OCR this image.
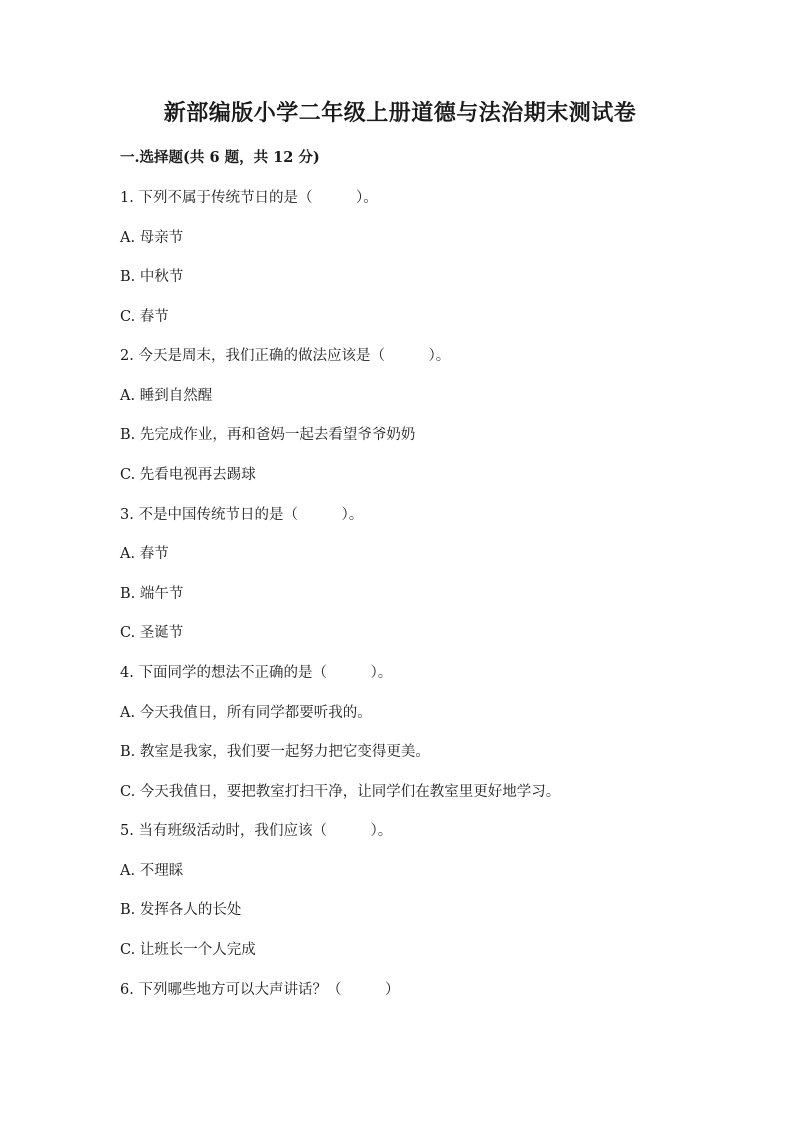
新部编版小学二年级上册道德与法治期末测试卷
一.选择题(共 6 题，共 12 分)
1. 下列不属于传统节日的是（　　　）。
A. 母亲节
B. 中秋节
C. 春节
2. 今天是周末，我们正确的做法应该是（　　　）。
A. 睡到自然醒
B. 先完成作业，再和爸妈一起去看望爷爷奶奶
C. 先看电视再去踢球
3. 不是中国传统节日的是（　　　）。
A. 春节
B. 端午节
C. 圣诞节
4. 下面同学的想法不正确的是（　　　）。
A. 今天我值日，所有同学都要听我的。
B. 教室是我家，我们要一起努力把它变得更美。
C. 今天我值日，要把教室打扫干净，让同学们在教室里更好地学习。
5. 当有班级活动时，我们应该（　　　）。
A. 不理睬
B. 发挥各人的长处
C. 让班长一个人完成
6. 下列哪些地方可以大声讲话？（　　　）
